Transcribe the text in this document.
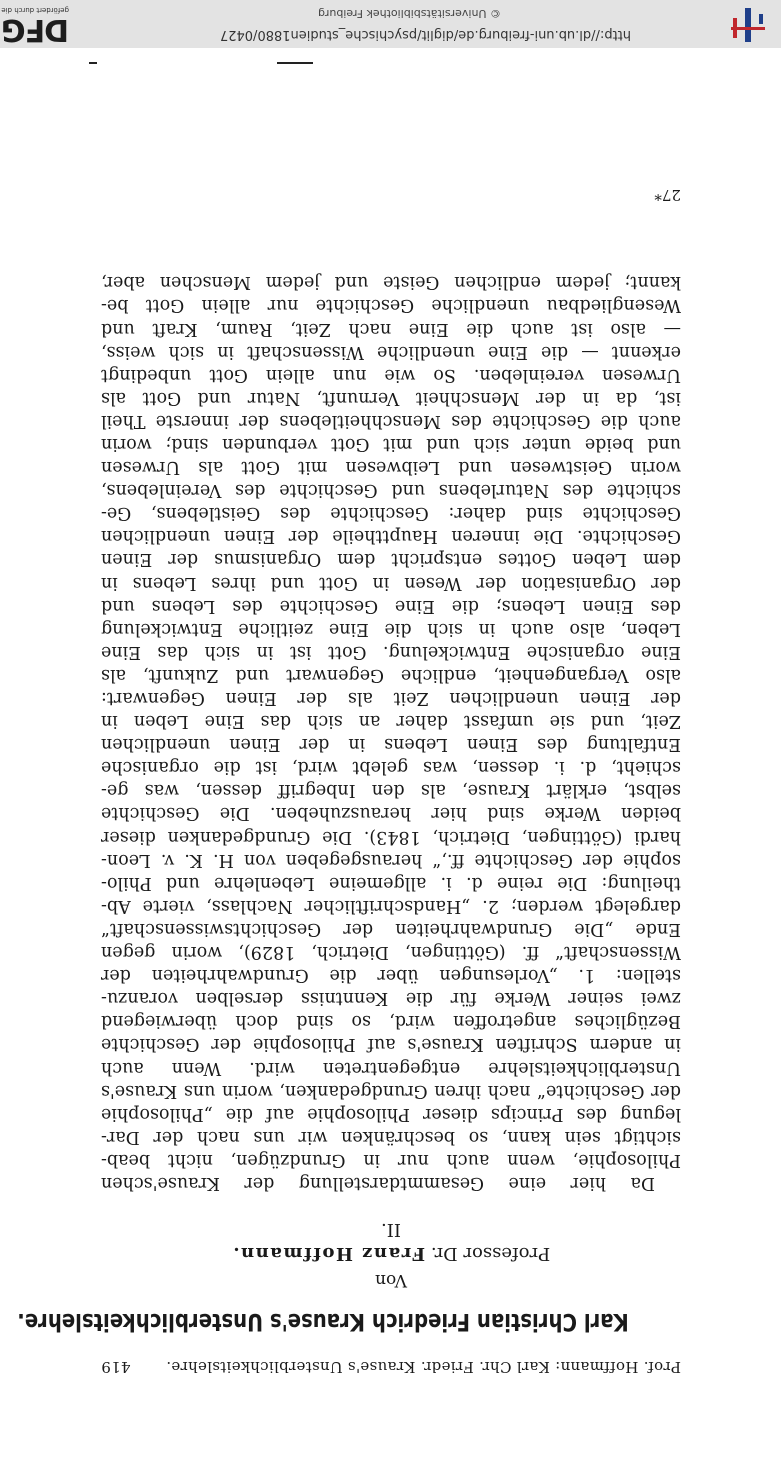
Prof. Hoffmann: Karl Chr. Friedr. Krause's Unsterblichkeitslehre.
419
Karl Christian Friedrich Krause's Unsterblichkeitslehre.
Von
Professor Dr. Franz Hoffmann.
II.
Da hier eine Gesammtdarstellung der Krause'schen
Philosophie, wenn auch nur in Grundzügen, nicht beab-
sichtigt sein kann, so beschränken wir uns nach der Dar-
legung des Princips dieser Philosophie auf die „Philosophie
der Geschichte“ nach ihren Grundgedanken, worin uns Krause's
Unsterblichkeitslehre entgegentreten wird. Wenn auch
in andern Schriften Krause's auf Philosophie der Geschichte
Bezügliches angetroffen wird, so sind doch überwiegend
zwei seiner Werke für die Kenntniss derselben voranzu-
stellen: 1. „Vorlesungen über die Grundwahrheiten der
Wissenschaft“ ff. (Göttingen, Dietrich, 1829), worin gegen
Ende „Die Grundwahrheiten der Geschichtswissenschaft“
dargelegt werden; 2. „Handschriftlicher Nachlass, vierte Ab-
theilung: Die reine d. i. allgemeine Lebenlehre und Philo-
sophie der Geschichte ff.,“ herausgegeben von H. K. v. Leon-
hardi (Göttingen, Dietrich, 1843). Die Grundgedanken dieser
beiden Werke sind hier herauszuheben. Die Geschichte
selbst, erklärt Krause, als den Inbegriff dessen, was ge-
schieht, d. i. dessen, was gelebt wird, ist die organische
Entfaltung des Einen Lebens in der Einen unendlichen
Zeit, und sie umfasst daher an sich das Eine Leben in
der Einen unendlichen Zeit als der Einen Gegenwart:
also Vergangenheit, endliche Gegenwart und Zukunft, als
Eine organische Entwickelung. Gott ist in sich das Eine
Leben, also auch in sich die Eine zeitliche Entwickelung
des Einen Lebens; die Eine Geschichte des Lebens und
der Organisation der Wesen in Gott und ihres Lebens in
dem Leben Gottes entspricht dem Organismus der Einen
Geschichte. Die inneren Haupttheile der Einen unendlichen
Geschichte sind daher: Geschichte des Geistlebens, Ge-
schichte des Naturlebens und Geschichte des Vereinlebens,
worin Geistwesen und Leibwesen mit Gott als Urwesen
und beide unter sich und mit Gott verbunden sind; worin
auch die Geschichte des Menschheitlebens der innerste Theil
ist, da in der Menschheit Vernunft, Natur und Gott als
Urwesen vereinleben. So wie nun allein Gott unbedingt
erkennt — die Eine unendliche Wissenschaft in sich weiss,
— also ist auch die Eine nach Zeit, Raum, Kraft und
Wesengliedbau unendliche Geschichte nur allein Gott be-
kannt; jedem endlichen Geiste und jedem Menschen aber,
27*
http://dl.ub.uni-freiburg.de/diglit/psychische_studien1880/0427
© Universitätsbibliothek Freiburg
DFG
gefördert durch die
